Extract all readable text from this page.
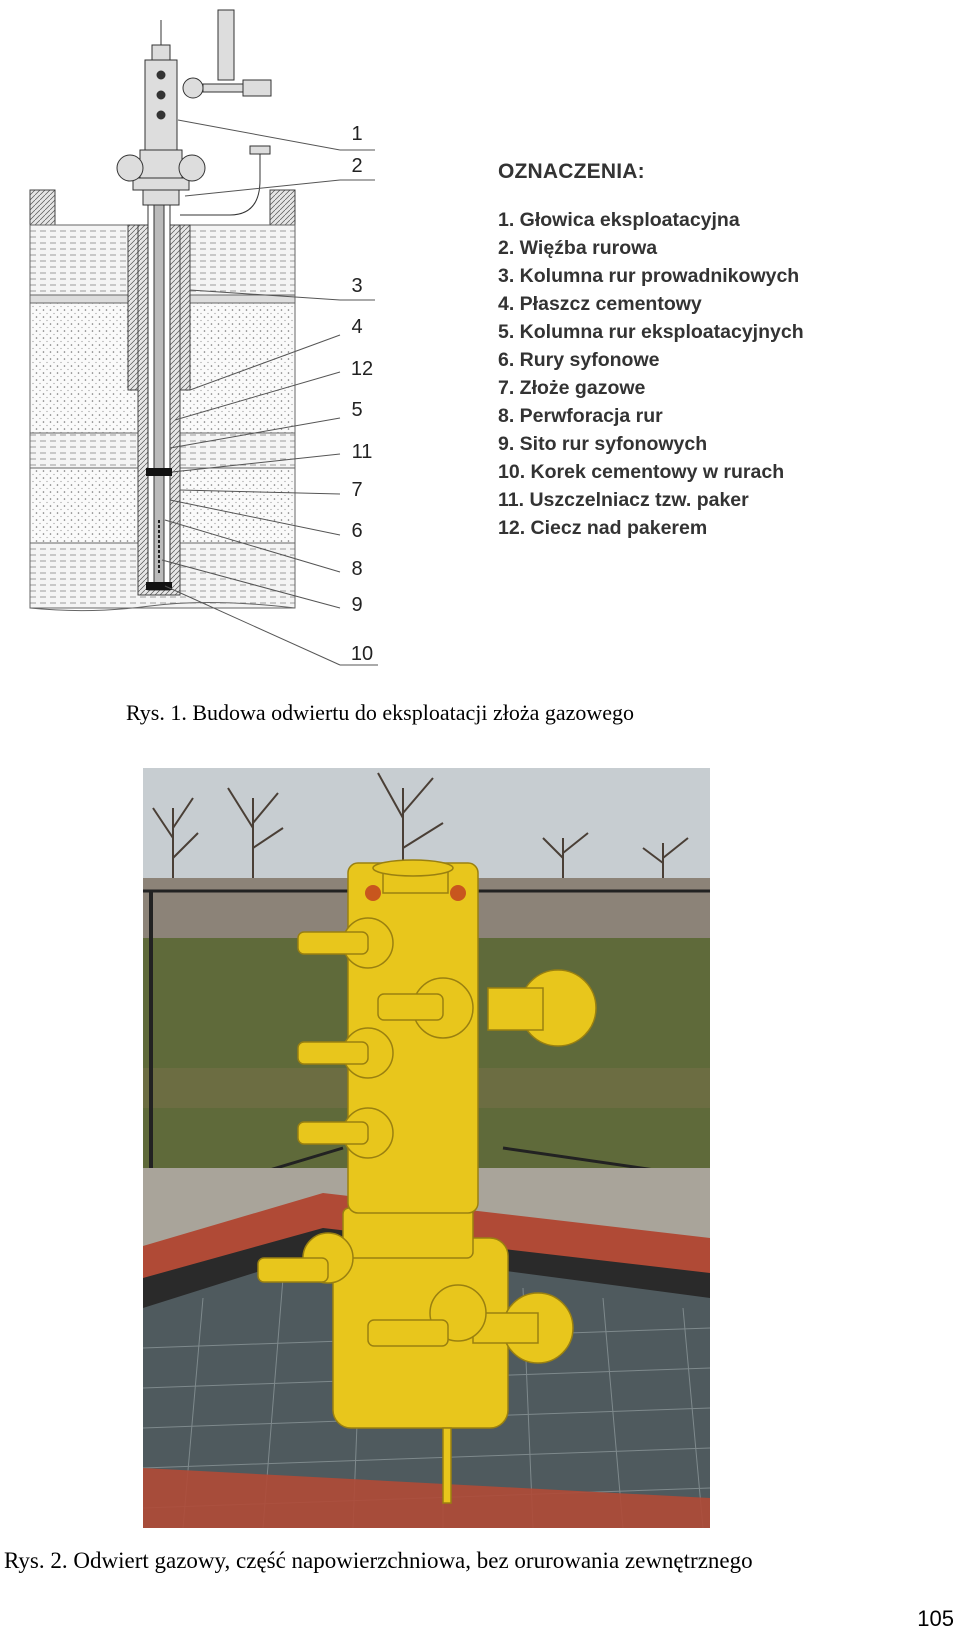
1
2
3
4
12
5
11
7
6
8
9
10
OZNACZENIA:
1. Głowica eksploatacyjna
2. Więźba rurowa
3. Kolumna rur prowadnikowych
4. Płaszcz cementowy
5. Kolumna rur eksploatacyjnych
6. Rury syfonowe
7. Złoże gazowe
8. Perwforacja rur
9. Sito rur syfonowych
10. Korek cementowy w rurach
11. Uszczelniacz tzw. paker
12. Ciecz nad pakerem
Rys. 1. Budowa odwiertu do eksploatacji złoża gazowego
Rys. 2. Odwiert gazowy, część napowierzchniowa, bez orurowania zewnętrznego
105
